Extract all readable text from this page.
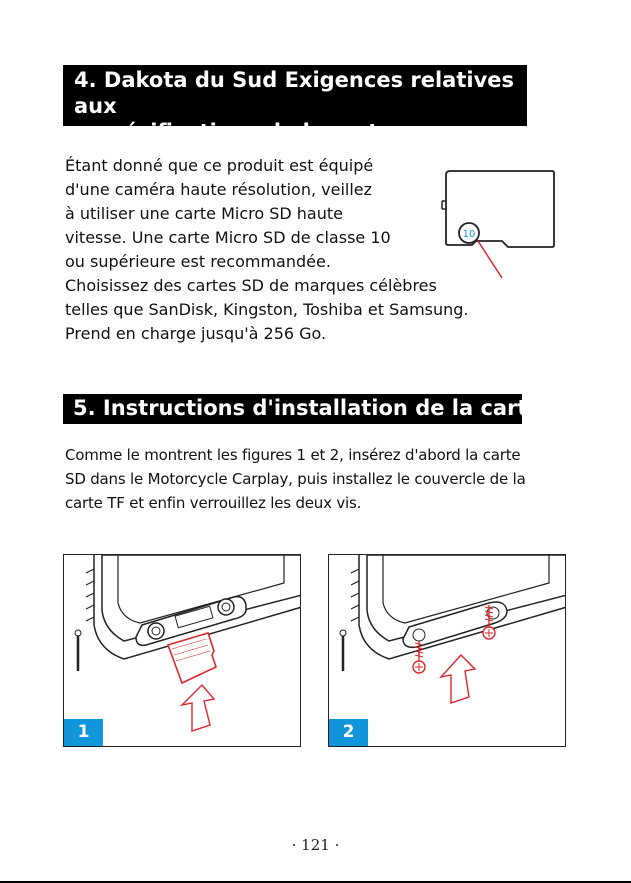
4. Dakota du Sud Exigences relatives aux
spécifications de la carte
Étant donné que ce produit est équipé
d'une caméra haute résolution, veillez
à utiliser une carte Micro SD haute
vitesse. Une carte Micro SD de classe 10
ou supérieure est recommandée.
Choisissez des cartes SD de marques célèbres
telles que SanDisk, Kingston, Toshiba et Samsung.
Prend en charge jusqu'à 256 Go.
10
5. Instructions d'installation de la carte SD
Comme le montrent les figures 1 et 2, insérez d'abord la carte
SD dans le Motorcycle Carplay, puis installez le couvercle de la
carte TF et enfin verrouillez les deux vis.
1	2
· 121 ·
